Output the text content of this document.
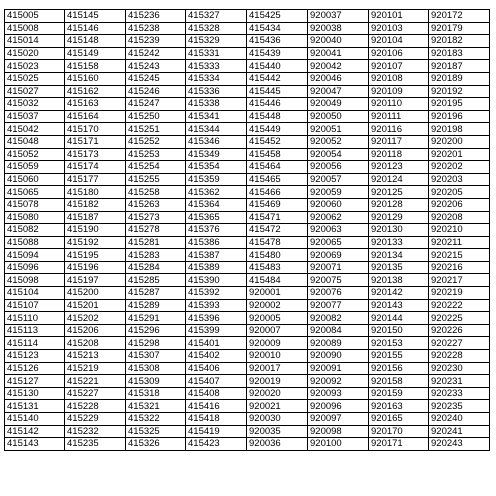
415005	415145	415236	415327	415425	920037	920101	920172
415008	415146	415238	415328	415434	920038	920103	920179
415014	415148	415239	415329	415436	920040	920104	920182
415020	415149	415242	415331	415439	920041	920106	920183
415023	415158	415243	415333	415440	920042	920107	920187
415025	415160	415245	415334	415442	920046	920108	920189
415027	415162	415246	415336	415445	920047	920109	920192
415032	415163	415247	415338	415446	920049	920110	920195
415037	415164	415250	415341	415448	920050	920111	920196
415042	415170	415251	415344	415449	920051	920116	920198
415048	415171	415252	415346	415452	920052	920117	920200
415052	415173	415253	415349	415458	920054	920118	920201
415059	415174	415254	415354	415464	920056	920123	920202
415060	415177	415255	415359	415465	920057	920124	920203
415065	415180	415258	415362	415466	920059	920125	920205
415078	415182	415263	415364	415469	920060	920128	920206
415080	415187	415273	415365	415471	920062	920129	920208
415082	415190	415278	415376	415472	920063	920130	920210
415088	415192	415281	415386	415478	920065	920133	920211
415094	415195	415283	415387	415480	920069	920134	920215
415096	415196	415284	415389	415483	920071	920135	920216
415098	415197	415285	415390	415484	920075	920138	920217
415104	415200	415287	415392	920001	920076	920142	920219
415107	415201	415289	415393	920002	920077	920143	920222
415110	415202	415291	415396	920005	920082	920144	920225
415113	415206	415296	415399	920007	920084	920150	920226
415114	415208	415298	415401	920009	920089	920153	920227
415123	415213	415307	415402	920010	920090	920155	920228
415126	415219	415308	415406	920017	920091	920156	920230
415127	415221	415309	415407	920019	920092	920158	920231
415130	415227	415318	415408	920020	920093	920159	920233
415131	415228	415321	415416	920021	920096	920163	920235
415140	415229	415322	415418	920030	920097	920165	920240
415142	415232	415325	415419	920035	920098	920170	920241
415143	415235	415326	415423	920036	920100	920171	920243
